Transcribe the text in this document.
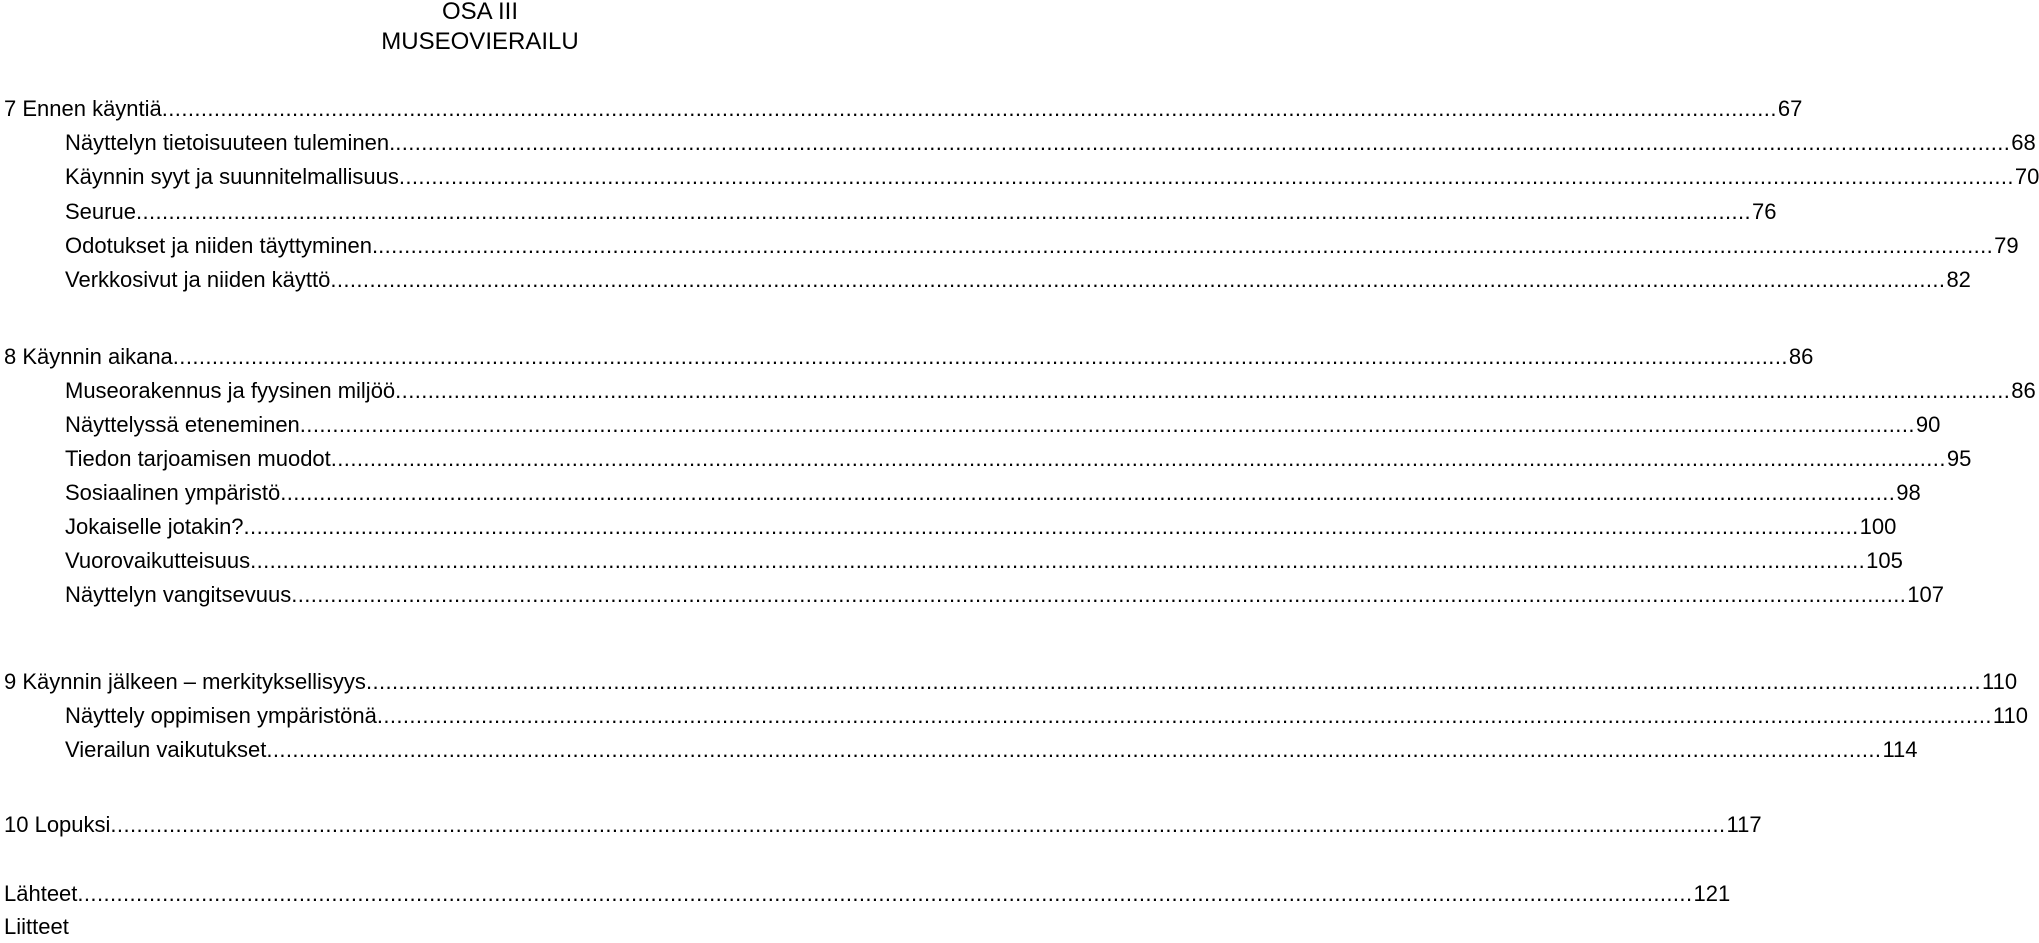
OSA III
MUSEOVIERAILU
7 Ennen käyntiä .....	67
Näyttelyn tietoisuuteen tuleminen. .....	68
Käynnin syyt ja suunnitelmallisuus .....	70
Seurue .....	76
Odotukset ja niiden täyttyminen. .....	79
Verkkosivut ja niiden käyttö .....	82
8 Käynnin aikana .....	86
Museorakennus ja fyysinen miljöö .....	86
Näyttelyssä eteneminen .....	90
Tiedon tarjoamisen muodot .....	95
Sosiaalinen ympäristö .....	98
Jokaiselle jotakin? .....	100
Vuorovaikutteisuus .....	105
Näyttelyn vangitsevuus .....	107
9 Käynnin jälkeen – merkityksellisyys .....	110
Näyttely oppimisen ympäristönä .....	110
Vierailun vaikutukset .....	114
10 Lopuksi .....	117
Lähteet .....	121
Liitteet
